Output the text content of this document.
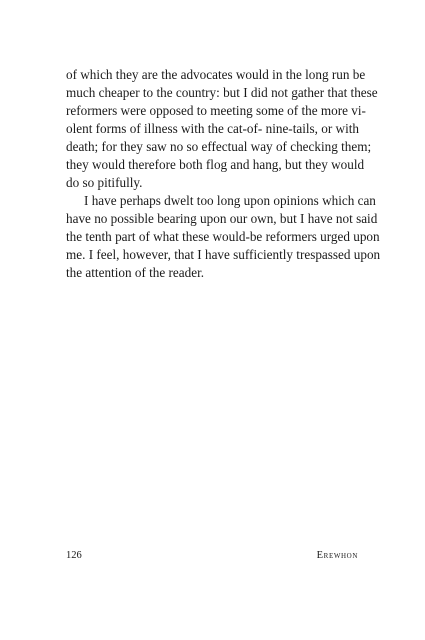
of which they are the advocates would in the long run be
much cheaper to the country: but I did not gather that these
reformers were opposed to meeting some of the more vi-
olent forms of illness with the cat-of- nine-tails, or with
death; for they saw no so effectual way of checking them;
they would therefore both flog and hang, but they would
do so pitifully.
I have perhaps dwelt too long upon opinions which can
have no possible bearing upon our own, but I have not said
the tenth part of what these would-be reformers urged upon
me. I feel, however, that I have sufficiently trespassed upon
the attention of the reader.
126	Erewhon
